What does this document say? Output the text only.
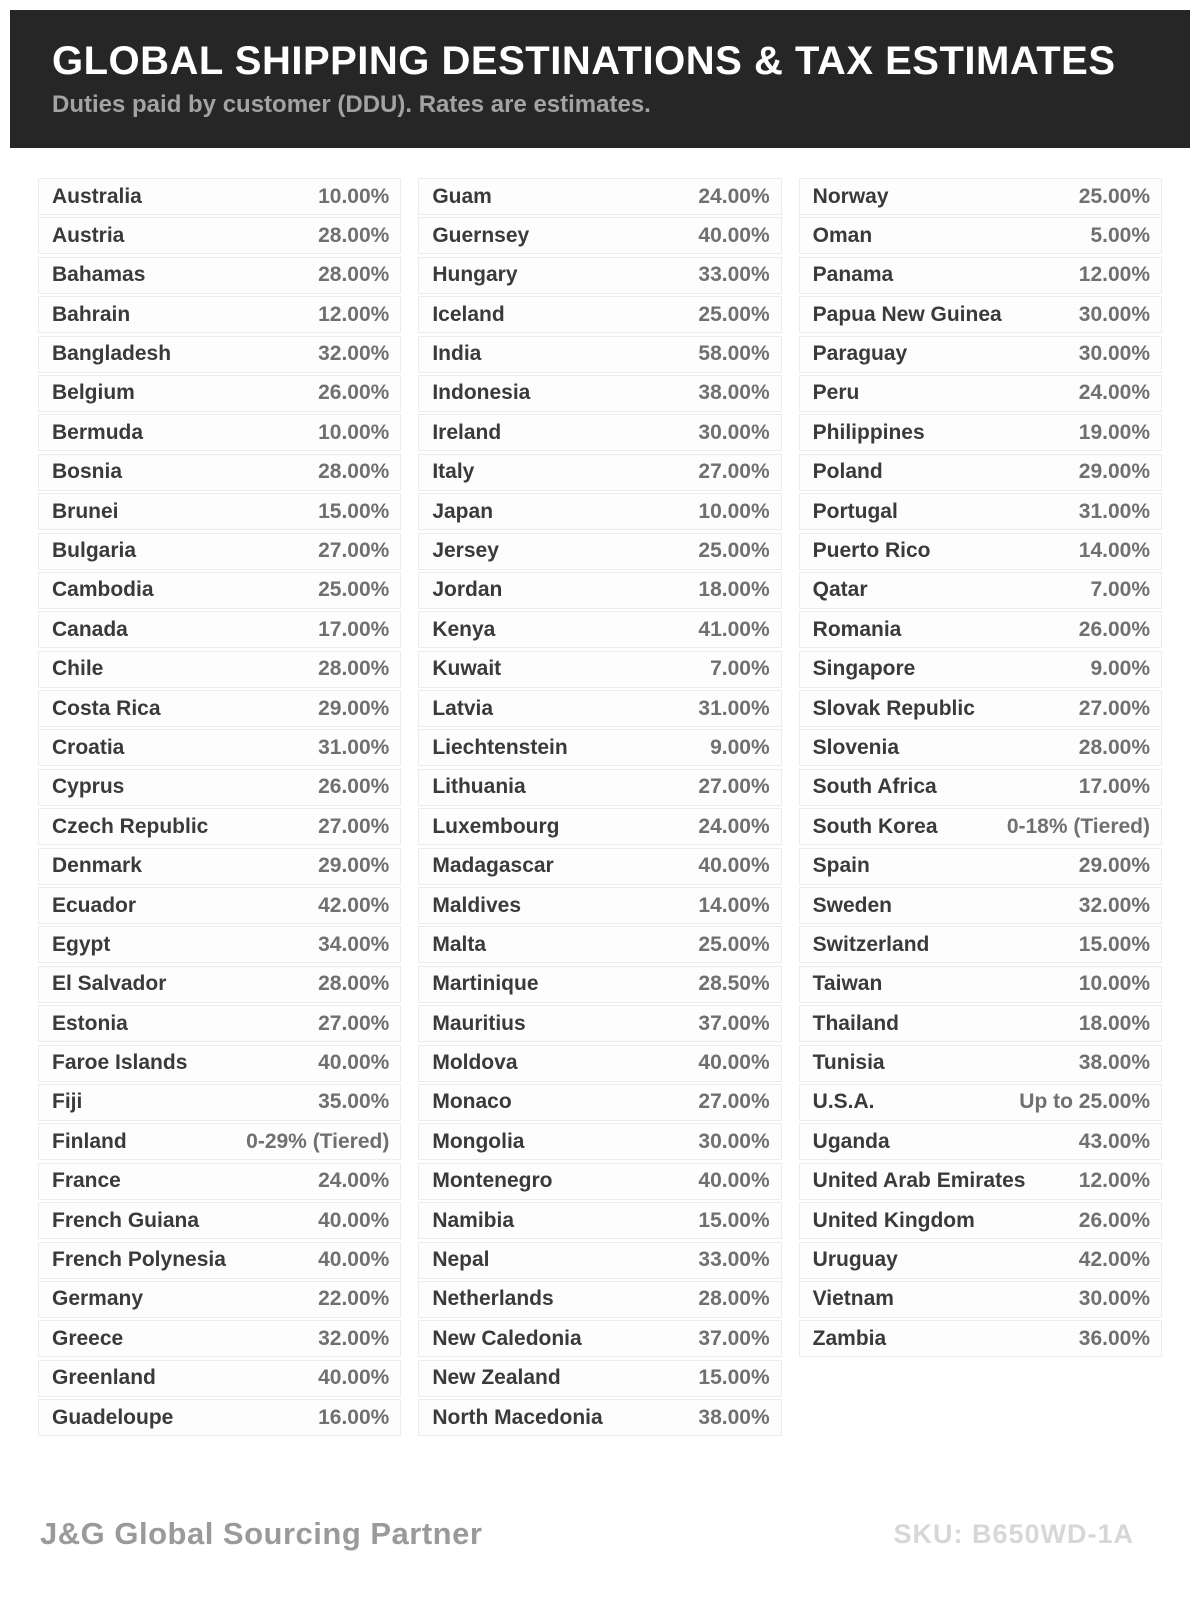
GLOBAL SHIPPING DESTINATIONS & TAX ESTIMATES
Duties paid by customer (DDU). Rates are estimates.
Australia	10.00%
Austria	28.00%
Bahamas	28.00%
Bahrain	12.00%
Bangladesh	32.00%
Belgium	26.00%
Bermuda	10.00%
Bosnia	28.00%
Brunei	15.00%
Bulgaria	27.00%
Cambodia	25.00%
Canada	17.00%
Chile	28.00%
Costa Rica	29.00%
Croatia	31.00%
Cyprus	26.00%
Czech Republic	27.00%
Denmark	29.00%
Ecuador	42.00%
Egypt	34.00%
El Salvador	28.00%
Estonia	27.00%
Faroe Islands	40.00%
Fiji	35.00%
Finland	0-29% (Tiered)
France	24.00%
French Guiana	40.00%
French Polynesia	40.00%
Germany	22.00%
Greece	32.00%
Greenland	40.00%
Guadeloupe	16.00%
Guam	24.00%
Guernsey	40.00%
Hungary	33.00%
Iceland	25.00%
India	58.00%
Indonesia	38.00%
Ireland	30.00%
Italy	27.00%
Japan	10.00%
Jersey	25.00%
Jordan	18.00%
Kenya	41.00%
Kuwait	7.00%
Latvia	31.00%
Liechtenstein	9.00%
Lithuania	27.00%
Luxembourg	24.00%
Madagascar	40.00%
Maldives	14.00%
Malta	25.00%
Martinique	28.50%
Mauritius	37.00%
Moldova	40.00%
Monaco	27.00%
Mongolia	30.00%
Montenegro	40.00%
Namibia	15.00%
Nepal	33.00%
Netherlands	28.00%
New Caledonia	37.00%
New Zealand	15.00%
North Macedonia	38.00%
Norway	25.00%
Oman	5.00%
Panama	12.00%
Papua New Guinea	30.00%
Paraguay	30.00%
Peru	24.00%
Philippines	19.00%
Poland	29.00%
Portugal	31.00%
Puerto Rico	14.00%
Qatar	7.00%
Romania	26.00%
Singapore	9.00%
Slovak Republic	27.00%
Slovenia	28.00%
South Africa	17.00%
South Korea	0-18% (Tiered)
Spain	29.00%
Sweden	32.00%
Switzerland	15.00%
Taiwan	10.00%
Thailand	18.00%
Tunisia	38.00%
U.S.A.	Up to 25.00%
Uganda	43.00%
United Arab Emirates	12.00%
United Kingdom	26.00%
Uruguay	42.00%
Vietnam	30.00%
Zambia	36.00%
J&G Global Sourcing Partner	SKU: B650WD-1A
